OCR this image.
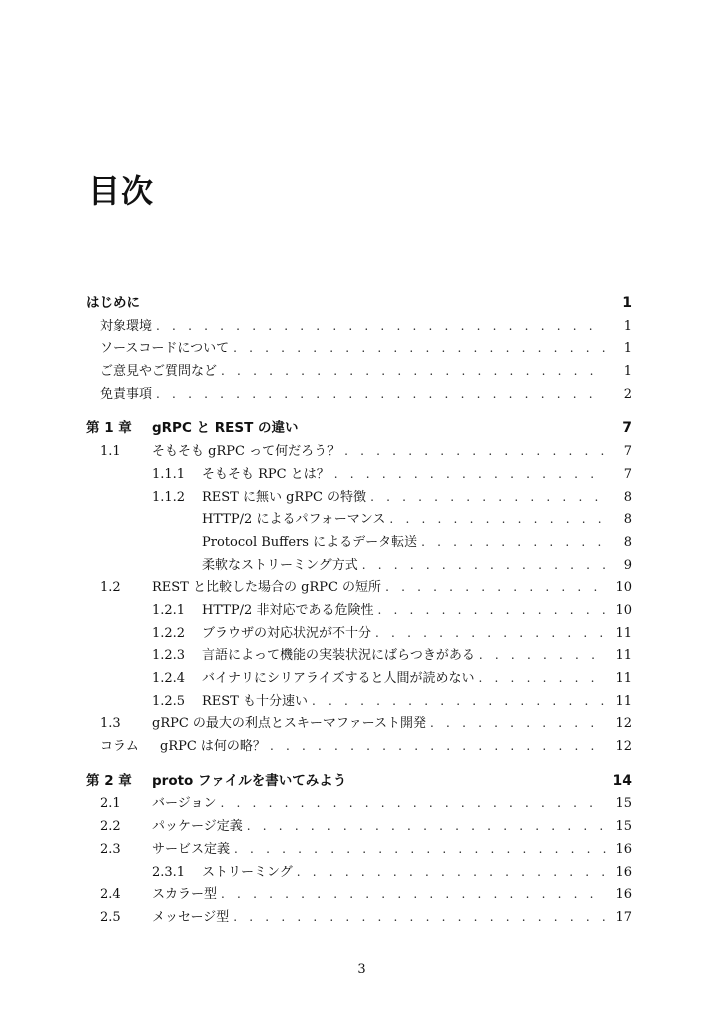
目次
はじめに	1
対象環境 . . .	1
ソースコードについて . . .	1
ご意見やご質問など . . .	1
免責事項 . . .	2
第 1 章	gRPC と REST の違い	7
1.1	そもそも gRPC って何だろう？ . . .	7
1.1.1	そもそも RPC とは？ . . .	7
1.1.2	REST に無い gRPC の特徴 . . .	8
HTTP/2 によるパフォーマンス . . .	8
Protocol Buffers によるデータ転送 . . .	8
柔軟なストリーミング方式 . . .	9
1.2	REST と比較した場合の gRPC の短所 . . .	10
1.2.1	HTTP/2 非対応である危険性 . . .	10
1.2.2	ブラウザの対応状況が不十分 . . .	11
1.2.3	言語によって機能の実装状況にばらつきがある . . .	11
1.2.4	バイナリにシリアライズすると人間が読めない . . .	11
1.2.5	REST も十分速い . . .	11
1.3	gRPC の最大の利点とスキーマファースト開発 . . .	12
コラム	gRPC は何の略？ . . .	12
第 2 章	proto ファイルを書いてみよう	14
2.1	バージョン . . .	15
2.2	パッケージ定義 . . .	15
2.3	サービス定義 . . .	16
2.3.1	ストリーミング . . .	16
2.4	スカラー型 . . .	16
2.5	メッセージ型 . . .	17
3
